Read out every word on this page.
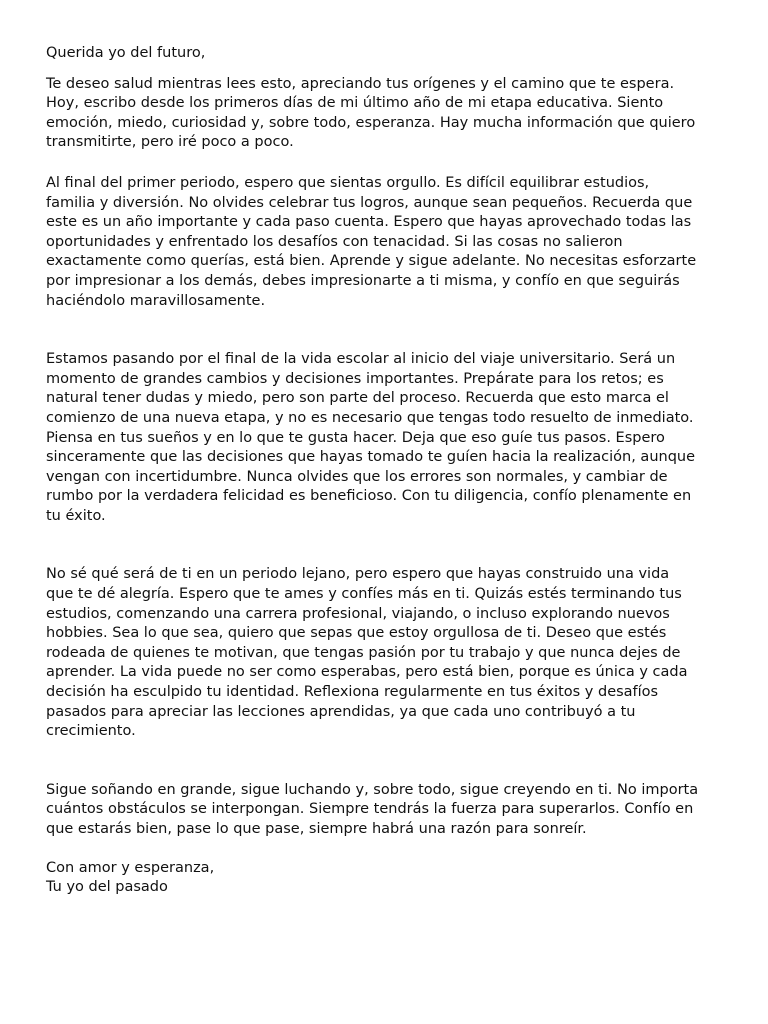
Querida yo del futuro,
Te deseo salud mientras lees esto, apreciando tus orígenes y el camino que te espera.
Hoy, escribo desde los primeros días de mi último año de mi etapa educativa. Siento
emoción, miedo, curiosidad y, sobre todo, esperanza. Hay mucha información que quiero
transmitirte, pero iré poco a poco.
Al final del primer periodo, espero que sientas orgullo. Es difícil equilibrar estudios,
familia y diversión. No olvides celebrar tus logros, aunque sean pequeños. Recuerda que
este es un año importante y cada paso cuenta. Espero que hayas aprovechado todas las
oportunidades y enfrentado los desafíos con tenacidad. Si las cosas no salieron
exactamente como querías, está bien. Aprende y sigue adelante. No necesitas esforzarte
por impresionar a los demás, debes impresionarte a ti misma, y confío en que seguirás
haciéndolo maravillosamente.
Estamos pasando por el final de la vida escolar al inicio del viaje universitario. Será un
momento de grandes cambios y decisiones importantes. Prepárate para los retos; es
natural tener dudas y miedo, pero son parte del proceso. Recuerda que esto marca el
comienzo de una nueva etapa, y no es necesario que tengas todo resuelto de inmediato.
Piensa en tus sueños y en lo que te gusta hacer. Deja que eso guíe tus pasos. Espero
sinceramente que las decisiones que hayas tomado te guíen hacia la realización, aunque
vengan con incertidumbre. Nunca olvides que los errores son normales, y cambiar de
rumbo por la verdadera felicidad es beneficioso. Con tu diligencia, confío plenamente en
tu éxito.
No sé qué será de ti en un periodo lejano, pero espero que hayas construido una vida
que te dé alegría. Espero que te ames y confíes más en ti. Quizás estés terminando tus
estudios, comenzando una carrera profesional, viajando, o incluso explorando nuevos
hobbies. Sea lo que sea, quiero que sepas que estoy orgullosa de ti. Deseo que estés
rodeada de quienes te motivan, que tengas pasión por tu trabajo y que nunca dejes de
aprender. La vida puede no ser como esperabas, pero está bien, porque es única y cada
decisión ha esculpido tu identidad. Reflexiona regularmente en tus éxitos y desafíos
pasados para apreciar las lecciones aprendidas, ya que cada uno contribuyó a tu
crecimiento.
Sigue soñando en grande, sigue luchando y, sobre todo, sigue creyendo en ti. No importa
cuántos obstáculos se interpongan. Siempre tendrás la fuerza para superarlos. Confío en
que estarás bien, pase lo que pase, siempre habrá una razón para sonreír.
Con amor y esperanza,
Tu yo del pasado
